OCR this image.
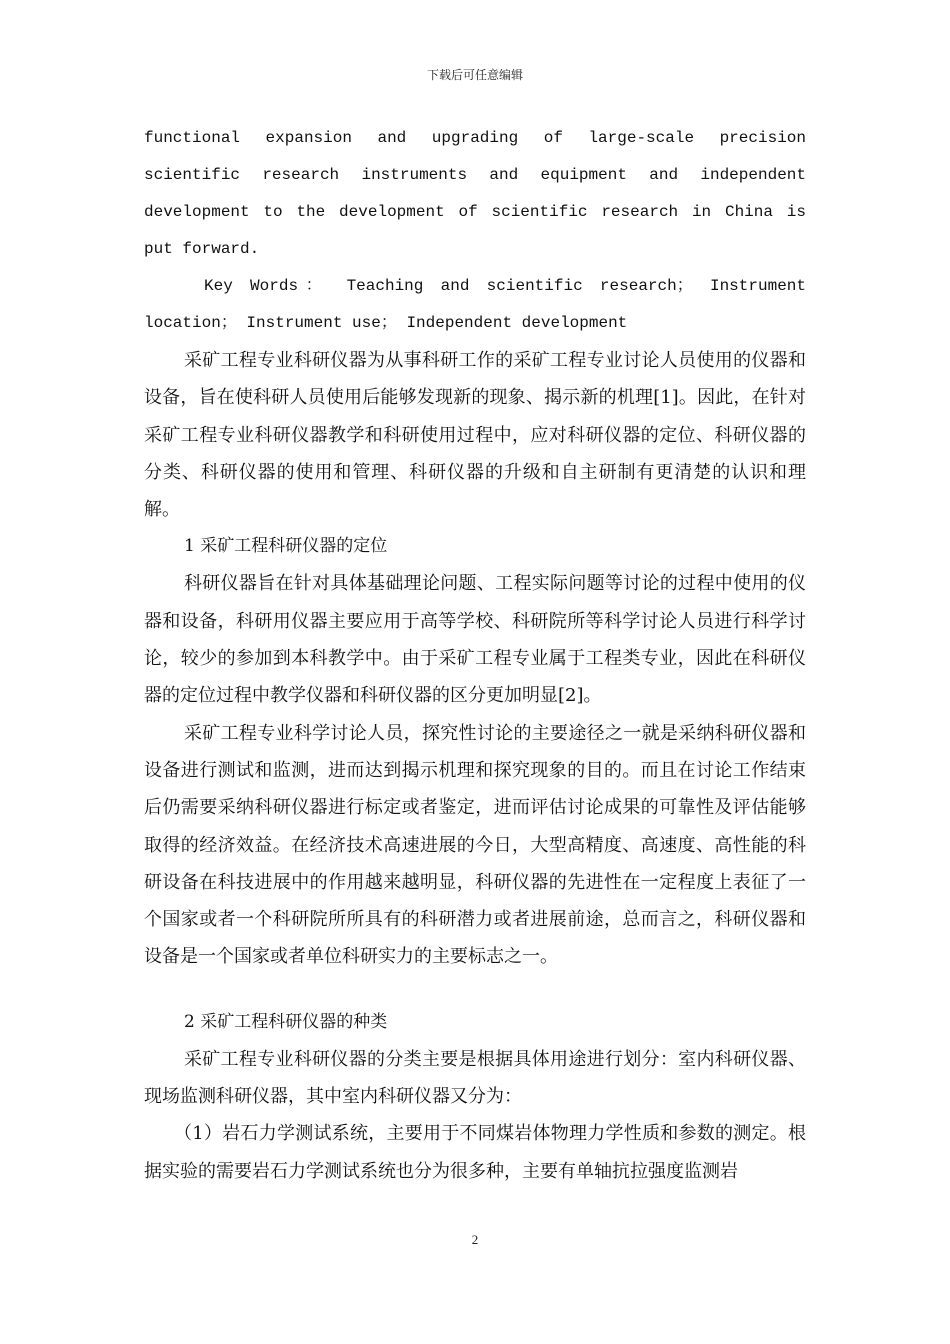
下载后可任意编辑

functional expansion and upgrading of large-scale precision scientific research instruments and equipment and independent development to the development of scientific research in China is put forward.

Key Words： Teaching and scientific research； Instrument location； Instrument use； Independent development

采矿工程专业科研仪器为从事科研工作的采矿工程专业讨论人员使用的仪器和设备，旨在使科研人员使用后能够发现新的现象、揭示新的机理[1]。因此，在针对采矿工程专业科研仪器教学和科研使用过程中，应对科研仪器的定位、科研仪器的分类、科研仪器的使用和管理、科研仪器的升级和自主研制有更清楚的认识和理解。

1 采矿工程科研仪器的定位

科研仪器旨在针对具体基础理论问题、工程实际问题等讨论的过程中使用的仪器和设备，科研用仪器主要应用于高等学校、科研院所等科学讨论人员进行科学讨论，较少的参加到本科教学中。由于采矿工程专业属于工程类专业，因此在科研仪器的定位过程中教学仪器和科研仪器的区分更加明显[2]。

采矿工程专业科学讨论人员，探究性讨论的主要途径之一就是采纳科研仪器和设备进行测试和监测，进而达到揭示机理和探究现象的目的。而且在讨论工作结束后仍需要采纳科研仪器进行标定或者鉴定，进而评估讨论成果的可靠性及评估能够取得的经济效益。在经济技术高速进展的今日，大型高精度、高速度、高性能的科研设备在科技进展中的作用越来越明显，科研仪器的先进性在一定程度上表征了一个国家或者一个科研院所所具有的科研潜力或者进展前途，总而言之，科研仪器和设备是一个国家或者单位科研实力的主要标志之一。

2 采矿工程科研仪器的种类

采矿工程专业科研仪器的分类主要是根据具体用途进行划分：室内科研仪器、现场监测科研仪器，其中室内科研仪器又分为：

（1）岩石力学测试系统，主要用于不同煤岩体物理力学性质和参数的测定。根据实验的需要岩石力学测试系统也分为很多种，主要有单轴抗拉强度监测岩

2
